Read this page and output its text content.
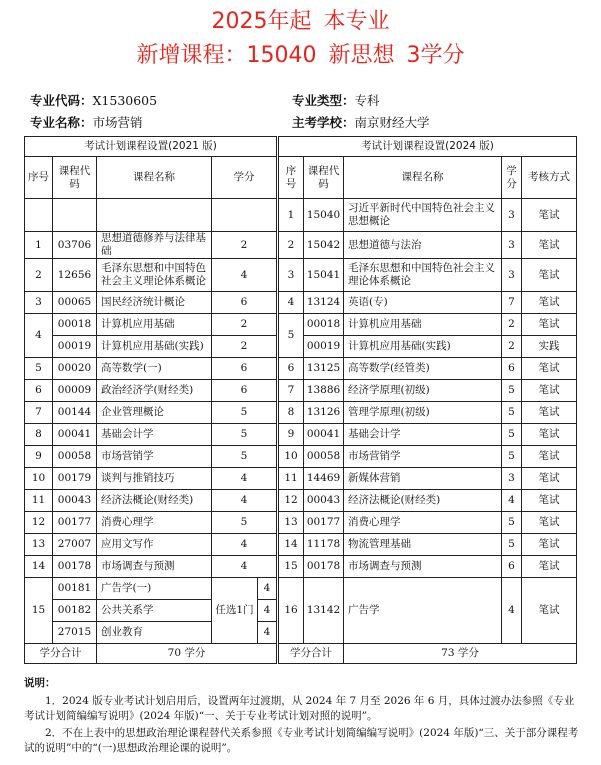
2025年起 本专业
新增课程：15040 新思想 3学分
专业代码：X1530605	专业类型：专科
专业名称：市场营销	主考学校：南京财经大学
考试计划课程设置(2021 版)					考试计划课程设置(2024 版)				
序号	课程代码	课程名称	学分		序号	课程代码	课程名称	学分	考核方式
					1	15040	习近平新时代中国特色社会主义思想概论	3	笔试
1	03706	思想道德修养与法律基础	2		2	15042	思想道德与法治	3	笔试
2	12656	毛泽东思想和中国特色社会主义理论体系概论	4		3	15041	毛泽东思想和中国特色社会主义理论体系概论	3	笔试
3	00065	国民经济统计概论	6		4	13124	英语(专)	7	笔试
4	00018	计算机应用基础	2		5	00018	计算机应用基础	2	笔试
	00019	计算机应用基础(实践)	2			00019	计算机应用基础(实践)	2	实践
5	00020	高等数学(一)	6		6	13125	高等数学(经管类)	6	笔试
6	00009	政治经济学(财经类)	6		7	13886	经济学原理(初级)	5	笔试
7	00144	企业管理概论	5		8	13126	管理学原理(初级)	5	笔试
8	00041	基础会计学	5		9	00041	基础会计学	5	笔试
9	00058	市场营销学	5		10	00058	市场营销学	5	笔试
10	00179	谈判与推销技巧	4		11	14469	新媒体营销	3	笔试
11	00043	经济法概论(财经类)	4		12	00043	经济法概论(财经类)	4	笔试
12	00177	消费心理学	5		13	00177	消费心理学	5	笔试
13	27007	应用文写作	4		14	11178	物流管理基础	5	笔试
14	00178	市场调查与预测	4		15	00178	市场调查与预测	6	笔试
15	00181	广告学(一)	任选1门	4	16	13142	广告学	4	笔试
	00182	公共关系学		4					
	27015	创业教育		4					
学分合计		70 学分			学分合计		73 学分		
说明：
1．2024 版专业考试计划启用后，设置两年过渡期，从 2024 年 7 月至 2026 年 6 月，具体过渡办法参照《专业考试计划简编编写说明》(2024 年版)“一、关于专业考试计划对照的说明”。
2．不在上表中的思想政治理论课程替代关系参照《专业考试计划简编编写说明》(2024 年版)“三、关于部分课程考试的说明”中的“(一)思想政治理论课的说明”。
